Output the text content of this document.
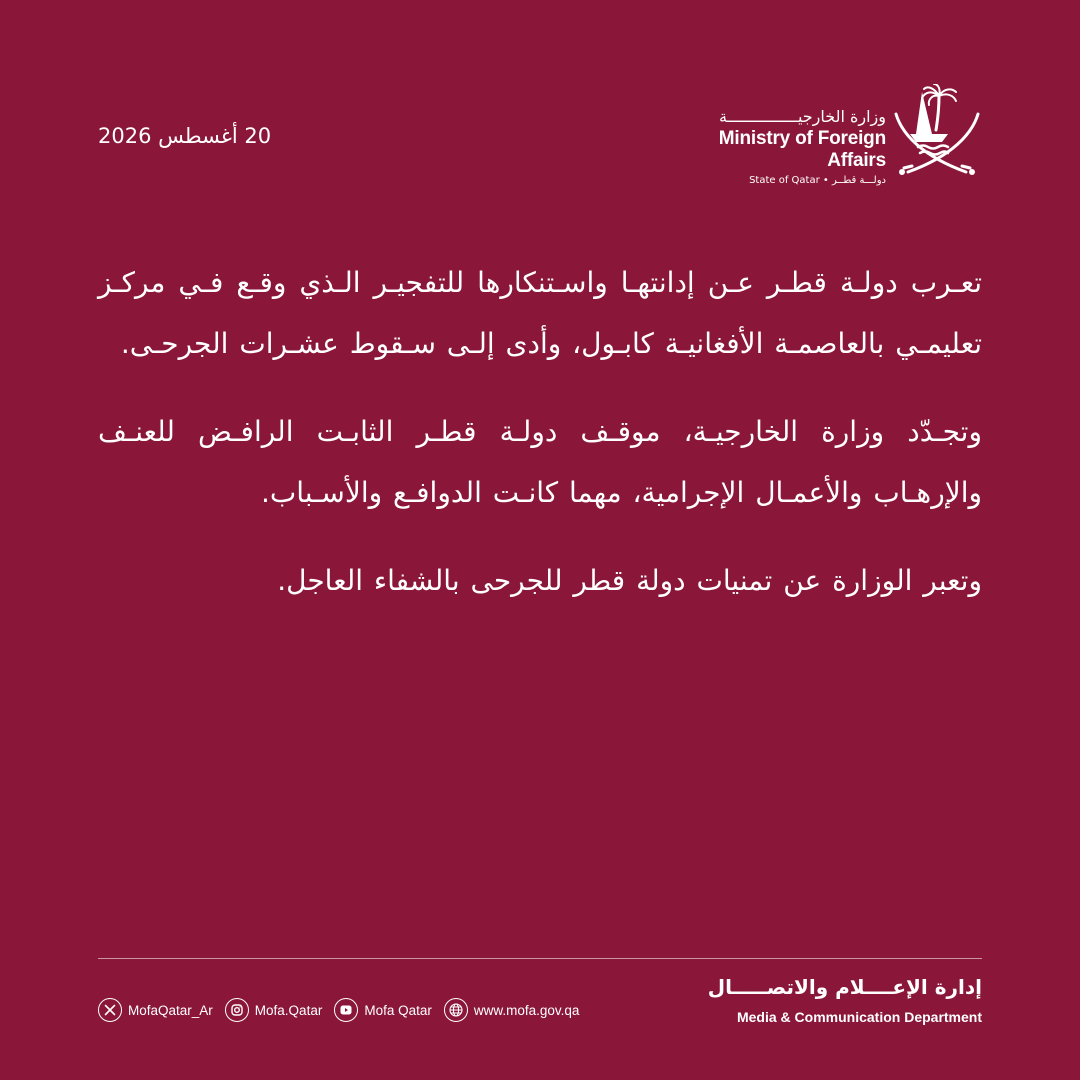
20 أغسطس 2026
وزارة الخارجيـــــــــــــــة
Ministry of Foreign Affairs
State of Qatar • دولـــة قطــر

تعـرب دولـة قطـر عـن إدانتهـا واسـتنكارها للتفجيـر الـذي وقـع فـي مركـز تعليمـي بالعاصمـة الأفغانيـة كابـول، وأدى إلـى سـقوط عشـرات الجرحـى.

وتجـدّد وزارة الخارجيـة، موقـف دولـة قطـر الثابـت الرافـض للعنـف والإرهـاب والأعمـال الإجرامية، مهما كانـت الدوافـع والأسـباب.

وتعبر الوزارة عن تمنيات دولة قطر للجرحى بالشفاء العاجل.

إدارة الإعــــلام والاتصـــــال
Media & Communication Department
MofaQatar_Ar	Mofa.Qatar	Mofa Qatar	www.mofa.gov.qa
